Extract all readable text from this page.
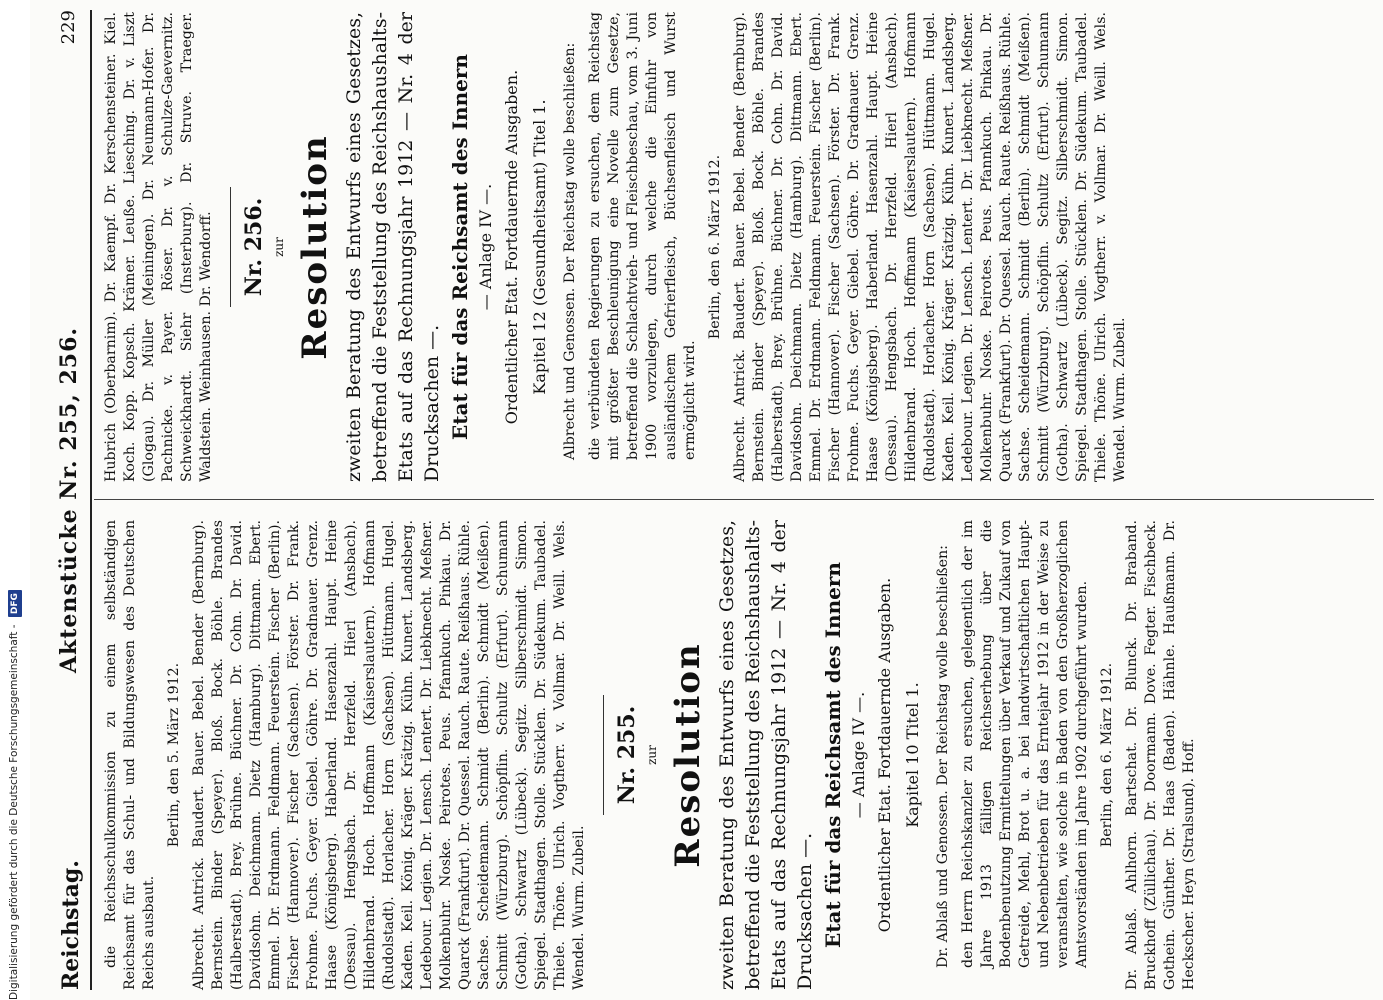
Digitalisierung gefördert durch die Deutsche Forschungsgemeinschaft - DFG
Reichstag.
Aktenstücke Nr. 255, 256.
229

die Reichsschulkommission zu einem selbständigen Reichsamt für das Schul- und Bildungswesen des Deutschen Reichs ausbaut.

Berlin, den 5. März 1912. Albrecht. Antrick. Baudert. Bauer. Bebel. Bender (Bernburg). Bernstein. Binder (Speyer). Bloß. Bock. Böhle. Brandes (Halberstadt). Brey. Brühne. Büchner. Dr. Cohn. Dr. David. Davidsohn. Deichmann. Dietz (Hamburg). Dittmann. Ebert. Emmel. Dr. Erdmann. Feldmann. Feuerstein. Fischer (Berlin). Fischer (Hannover). Fischer (Sachsen). Förster. Dr. Frank. Frohme. Fuchs. Geyer. Giebel. Göhre. Dr. Gradnauer. Grenz. Haase (Königsberg). Haberland. Hasenzahl. Haupt. Heine (Dessau). Hengsbach. Dr. Herzfeld. Hierl (Ansbach). Hildenbrand. Hoch. Hoffmann (Kaiserslautern). Hofmann (Rudolstadt). Horlacher. Horn (Sachsen). Hüttmann. Hugel. Kaden. Keil. König. Kräger. Krätzig. Kühn. Kunert. Landsberg. Ledebour. Legien. Dr. Lensch. Lentert. Dr. Liebknecht. Meßner. Molkenbuhr. Noske. Peirotes. Peus. Pfannkuch. Pinkau. Dr. Quarck (Frankfurt). Dr. Quessel. Rauch. Raute. Reißhaus. Rühle. Sachse. Scheidemann. Schmidt (Berlin). Schmidt (Meißen). Schmitt (Würzburg). Schöpflin. Schultz (Erfurt). Schumann (Gotha). Schwartz (Lübeck). Segitz. Silberschmidt. Simon. Spiegel. Stadthagen. Stolle. Stücklen. Dr. Südekum. Taubadel. Thiele. Thöne. Ulrich. Vogtherr. v. Vollmar. Dr. Weill. Wels. Wendel. Wurm. Zubeil.

Nr. 255. zur Resolution zweiten Beratung des Entwurfs eines Gesetzes, betreffend die Feststellung des Reichshaushalts-Etats auf das Rechnungsjahr 1912 — Nr. 4 der Drucksachen —. Etat für das Reichsamt des Innern — Anlage IV —. Ordentlicher Etat. Fortdauernde Ausgaben. Kapitel 10 Titel 1. Dr. Ablaß und Genossen. Der Reichstag wolle beschließen: den Herrn Reichskanzler zu ersuchen, gelegentlich der im Jahre 1913 fälligen Reichserhebung über die Bodenbenutzung Ermittelungen über Verkauf und Zukauf von Getreide, Mehl, Brot u. a. bei landwirtschaftlichen Haupt- und Nebenbetrieben für das Erntejahr 1912 in der Weise zu veranstalten, wie solche in Baden von den Großherzoglichen Amtsvorständen im Jahre 1902 durchgeführt wurden. Berlin, den 6. März 1912. Dr. Ablaß. Ahlhorn. Bartschat. Dr. Blunck. Dr. Braband. Bruckhoff (Züllichau). Dr. Doormann. Dove. Fegter. Fischbeck. Gothein. Günther. Dr. Haas (Baden). Hähnle. Haußmann. Dr. Heckscher. Heyn (Stralsund). Hoff.

Hubrich (Oberbarnim). Dr. Kaempf. Dr. Kerschensteiner. Kiel. Koch. Kopp. Kopsch. Krämer. Leuße. Liesching. Dr. v. Liszt (Glogau). Dr. Müller (Meiningen). Dr. Neumann-Hofer. Dr. Pachnicke. v. Payer. Röser. Dr. v. Schulze-Gaevernitz. Schweickhardt. Siehr (Insterburg). Dr. Struve. Traeger. Waldstein. Weinhausen. Dr. Wendorff. Nr. 256. zur Resolution zweiten Beratung des Entwurfs eines Gesetzes, betreffend die Feststellung des Reichshaushalts-Etats auf das Rechnungsjahr 1912 — Nr. 4 der Drucksachen —. Etat für das Reichsamt des Innern — Anlage IV —. Ordentlicher Etat. Fortdauernde Ausgaben. Kapitel 12 (Gesundheitsamt) Titel 1. Albrecht und Genossen. Der Reichstag wolle beschließen: die verbündeten Regierungen zu ersuchen, dem Reichstag mit größter Beschleunigung eine Novelle zum Gesetze, betreffend die Schlachtvieh- und Fleischbeschau, vom 3. Juni 1900 vorzulegen, durch welche die Einfuhr von ausländischem Gefrierfleisch, Büchsenfleisch und Wurst ermöglicht wird.

Berlin, den 6. März 1912. Albrecht. Antrick. Baudert. Bauer. Bebel. Bender (Bernburg). Bernstein. Binder (Speyer). Bloß. Bock. Böhle. Brandes (Halberstadt). Brey. Brühne. Büchner. Dr. Cohn. Dr. David. Davidsohn. Deichmann. Dietz (Hamburg). Dittmann. Ebert. Emmel. Dr. Erdmann. Feldmann. Feuerstein. Fischer (Berlin). Fischer (Hannover). Fischer (Sachsen). Förster. Dr. Frank. Frohme. Fuchs. Geyer. Giebel. Göhre. Dr. Gradnauer. Grenz. Haase (Königsberg). Haberland. Hasenzahl. Haupt. Heine (Dessau). Hengsbach. Dr. Herzfeld. Hierl (Ansbach). Hildenbrand. Hoch. Hoffmann (Kaiserslautern). Hofmann (Rudolstadt). Horlacher. Horn (Sachsen). Hüttmann. Hugel. Kaden. Keil. König. Kräger. Krätzig. Kühn. Kunert. Landsberg. Ledebour. Legien. Dr. Lensch. Lentert. Dr. Liebknecht. Meßner. Molkenbuhr. Noske. Peirotes. Peus. Pfannkuch. Pinkau. Dr. Quarck (Frankfurt). Dr. Quessel. Rauch. Raute. Reißhaus. Rühle. Sachse. Scheidemann. Schmidt (Berlin). Schmidt (Meißen). Schmitt (Würzburg). Schöpflin. Schultz (Erfurt). Schumann (Gotha). Schwartz (Lübeck). Segitz. Silberschmidt. Simon. Spiegel. Stadthagen. Stolle. Stücklen. Dr. Südekum. Taubadel. Thiele. Thöne. Ulrich. Vogtherr. v. Vollmar. Dr. Weill. Wels. Wendel. Wurm. Zubeil.
